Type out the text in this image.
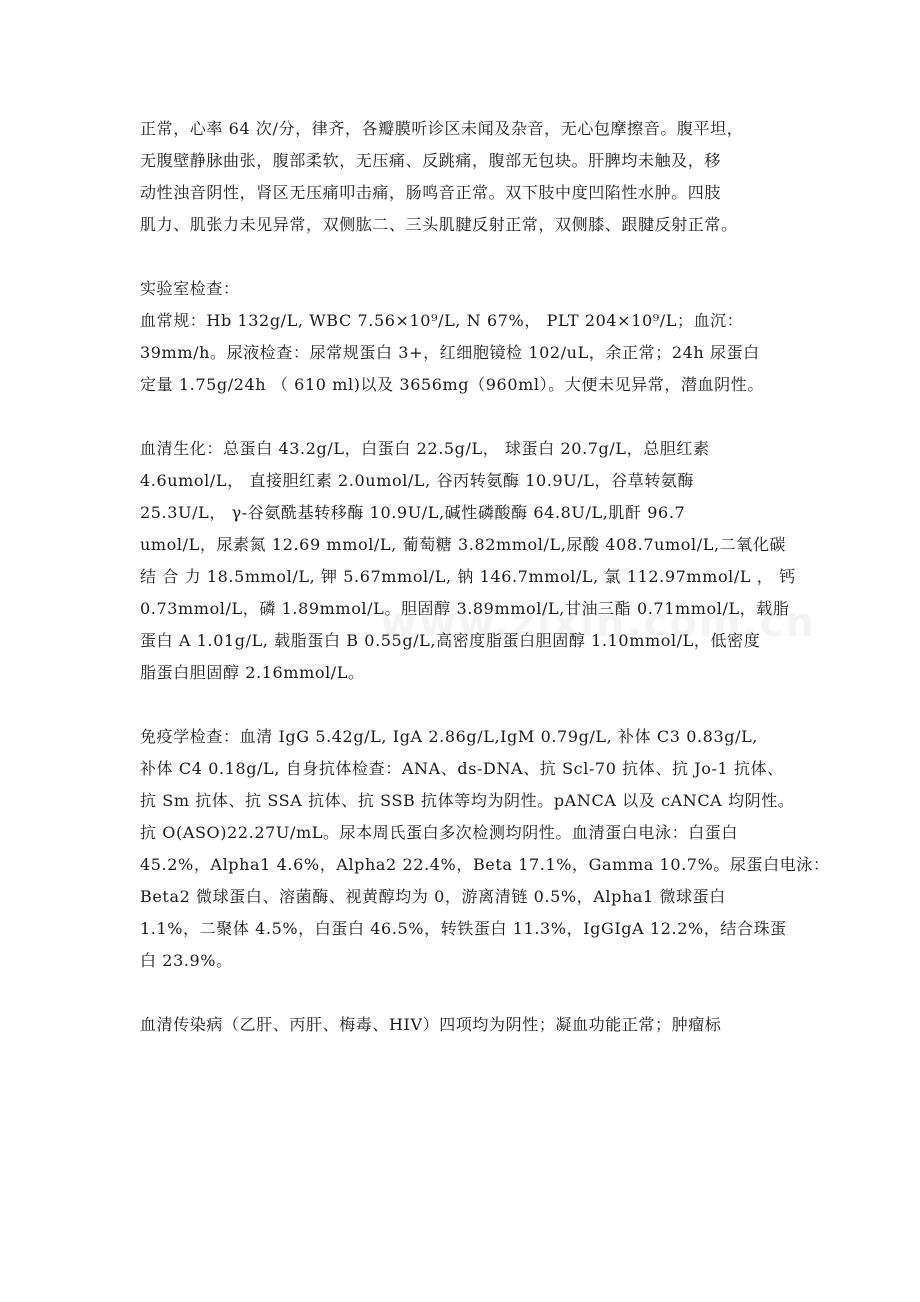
正常，心率 64 次/分，律齐，各瓣膜听诊区未闻及杂音，无心包摩擦音。腹平坦，
无腹壁静脉曲张，腹部柔软，无压痛、反跳痛，腹部无包块。肝脾均未触及，移
动性浊音阴性，肾区无压痛叩击痛，肠鸣音正常。双下肢中度凹陷性水肿。四肢
肌力、肌张力未见异常，双侧肱二、三头肌腱反射正常，双侧膝、跟腱反射正常。

实验室检查：

血常规：Hb 132g/L, WBC 7.56×10⁹/L, N 67%， PLT 204×10⁹/L；血沉：
39mm/h。尿液检查：尿常规蛋白 3+，红细胞镜检 102/uL，余正常；24h 尿蛋白
定量 1.75g/24h （ 610 ml)以及 3656mg（960ml）。大便未见异常，潜血阴性。

血清生化：总蛋白 43.2g/L，白蛋白 22.5g/L， 球蛋白 20.7g/L，总胆红素
4.6umol/L， 直接胆红素 2.0umol/L, 谷丙转氨酶 10.9U/L，谷草转氨酶
25.3U/L， γ-谷氨酰基转移酶 10.9U/L,碱性磷酸酶 64.8U/L,肌酐 96.7
umol/L，尿素氮 12.69 mmol/L, 葡萄糖 3.82mmol/L,尿酸 408.7umol/L,二氧化碳
结 合 力 18.5mmol/L, 钾 5.67mmol/L, 钠 146.7mmol/L, 氯 112.97mmol/L ， 钙
0.73mmol/L，磷 1.89mmol/L。胆固醇 3.89mmol/L,甘油三酯 0.71mmol/L，载脂
蛋白 A 1.01g/L, 载脂蛋白 B 0.55g/L,高密度脂蛋白胆固醇 1.10mmol/L，低密度
脂蛋白胆固醇 2.16mmol/L。

免疫学检查：血清 IgG 5.42g/L, IgA 2.86g/L,IgM 0.79g/L, 补体 C3 0.83g/L,
补体 C4 0.18g/L, 自身抗体检查：ANA、ds-DNA、抗 Scl-70 抗体、抗 Jo-1 抗体、
抗 Sm 抗体、抗 SSA 抗体、抗 SSB 抗体等均为阴性。pANCA 以及 cANCA 均阴性。
抗 O(ASO)22.27U/mL。尿本周氏蛋白多次检测均阴性。血清蛋白电泳：白蛋白
45.2%，Alpha1 4.6%，Alpha2 22.4%，Beta 17.1%，Gamma 10.7%。尿蛋白电泳：
Beta2 微球蛋白、溶菌酶、视黄醇均为 0，游离清链 0.5%，Alpha1 微球蛋白
1.1%，二聚体 4.5%，白蛋白 46.5%，转铁蛋白 11.3%，IgGIgA 12.2%，结合珠蛋
白 23.9%。

血清传染病（乙肝、丙肝、梅毒、HIV）四项均为阴性；凝血功能正常；肿瘤标
